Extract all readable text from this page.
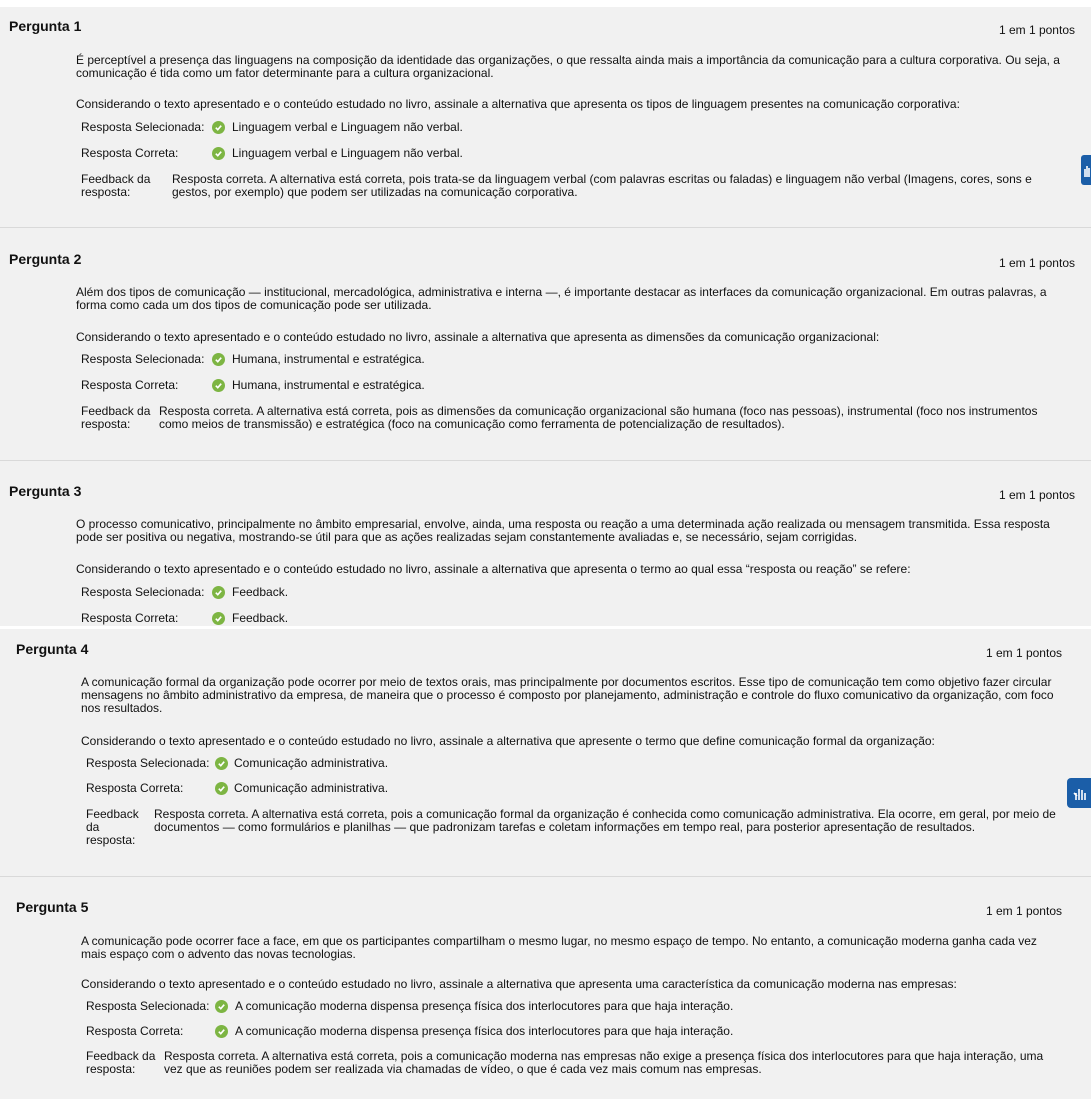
Pergunta 1	1 em 1 pontos
É perceptível a presença das linguagens na composição da identidade das organizações, o que ressalta ainda mais a importância da comunicação para a cultura corporativa. Ou seja, a comunicação é tida como um fator determinante para a cultura organizacional.
Considerando o texto apresentado e o conteúdo estudado no livro, assinale a alternativa que apresenta os tipos de linguagem presentes na comunicação corporativa:
Resposta Selecionada: Linguagem verbal e Linguagem não verbal.
Resposta Correta:	Linguagem verbal e Linguagem não verbal.
Feedback da
resposta:
Resposta correta. A alternativa está correta, pois trata-se da linguagem verbal (com palavras escritas ou faladas) e linguagem não verbal (Imagens, cores, sons e gestos, por exemplo) que podem ser utilizadas na comunicação corporativa.
Pergunta 2	1 em 1 pontos
Além dos tipos de comunicação — institucional, mercadológica, administrativa e interna —, é importante destacar as interfaces da comunicação organizacional. Em outras palavras, a forma como cada um dos tipos de comunicação pode ser utilizada.
Considerando o texto apresentado e o conteúdo estudado no livro, assinale a alternativa que apresenta as dimensões da comunicação organizacional:
Resposta Selecionada: Humana, instrumental e estratégica.
Resposta Correta:	Humana, instrumental e estratégica.
Feedback da
resposta:
Resposta correta. A alternativa está correta, pois as dimensões da comunicação organizacional são humana (foco nas pessoas), instrumental (foco nos instrumentos como meios de transmissão) e estratégica (foco na comunicação como ferramenta de potencialização de resultados).
Pergunta 3	1 em 1 pontos
O processo comunicativo, principalmente no âmbito empresarial, envolve, ainda, uma resposta ou reação a uma determinada ação realizada ou mensagem transmitida. Essa resposta pode ser positiva ou negativa, mostrando-se útil para que as ações realizadas sejam constantemente avaliadas e, se necessário, sejam corrigidas.
Considerando o texto apresentado e o conteúdo estudado no livro, assinale a alternativa que apresenta o termo ao qual essa “resposta ou reação” se refere:
Resposta Selecionada: Feedback.
Resposta Correta:	Feedback.
Pergunta 4	1 em 1 pontos
A comunicação formal da organização pode ocorrer por meio de textos orais, mas principalmente por documentos escritos. Esse tipo de comunicação tem como objetivo fazer circular mensagens no âmbito administrativo da empresa, de maneira que o processo é composto por planejamento, administração e controle do fluxo comunicativo da organização, com foco nos resultados.
Considerando o texto apresentado e o conteúdo estudado no livro, assinale a alternativa que apresente o termo que define comunicação formal da organização:
Resposta Selecionada: Comunicação administrativa.
Resposta Correta:	Comunicação administrativa.
Feedback
da
resposta:
Resposta correta. A alternativa está correta, pois a comunicação formal da organização é conhecida como comunicação administrativa. Ela ocorre, em geral, por meio de documentos — como formulários e planilhas — que padronizam tarefas e coletam informações em tempo real, para posterior apresentação de resultados.
Pergunta 5	1 em 1 pontos
A comunicação pode ocorrer face a face, em que os participantes compartilham o mesmo lugar, no mesmo espaço de tempo. No entanto, a comunicação moderna ganha cada vez mais espaço com o advento das novas tecnologias.
Considerando o texto apresentado e o conteúdo estudado no livro, assinale a alternativa que apresenta uma característica da comunicação moderna nas empresas:
Resposta Selecionada: A comunicação moderna dispensa presença física dos interlocutores para que haja interação.
Resposta Correta:	A comunicação moderna dispensa presença física dos interlocutores para que haja interação.
Feedback da
resposta:
Resposta correta. A alternativa está correta, pois a comunicação moderna nas empresas não exige a presença física dos interlocutores para que haja interação, uma vez que as reuniões podem ser realizada via chamadas de vídeo, o que é cada vez mais comum nas empresas.
